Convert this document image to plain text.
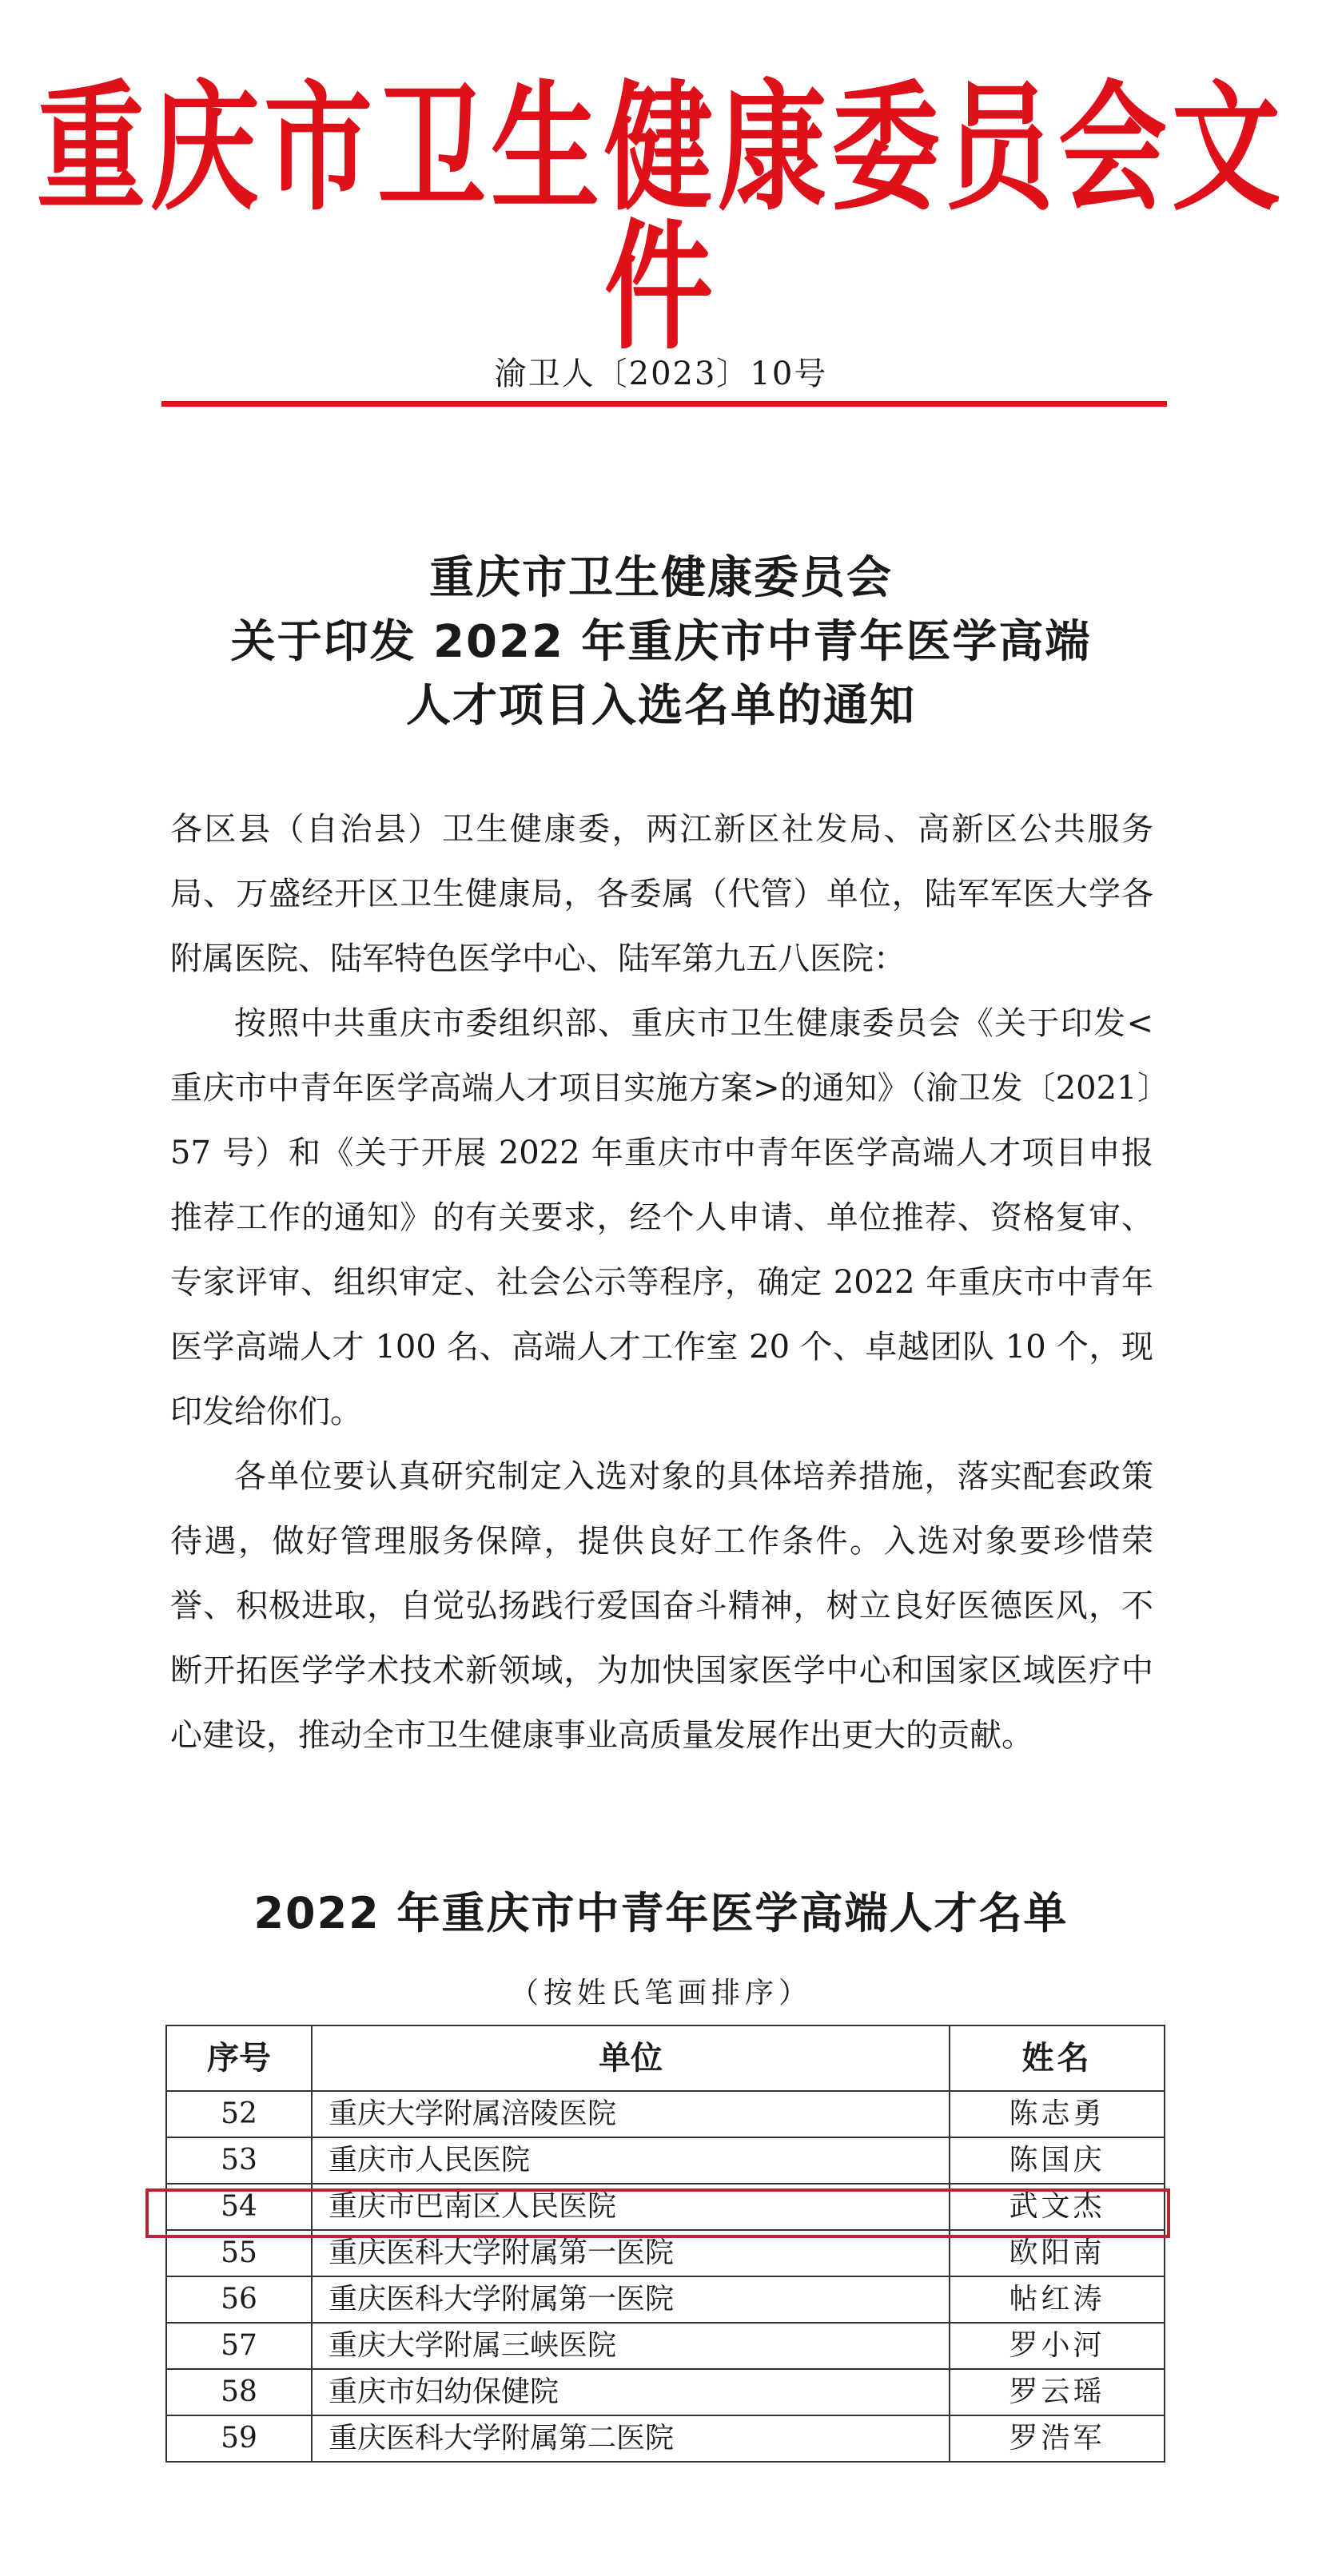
重庆市卫生健康委员会文件
渝卫人〔2023〕10号
重庆市卫生健康委员会
关于印发 2022 年重庆市中青年医学高端
人才项目入选名单的通知

各区县（自治县）卫生健康委，两江新区社发局、高新区公共服务局、万盛经开区卫生健康局，各委属（代管）单位，陆军军医大学各附属医院、陆军特色医学中心、陆军第九五八医院：

按照中共重庆市委组织部、重庆市卫生健康委员会《关于印发<重庆市中青年医学高端人才项目实施方案>的通知》（渝卫发〔2021〕57 号）和《关于开展 2022 年重庆市中青年医学高端人才项目申报推荐工作的通知》的有关要求，经个人申请、单位推荐、资格复审、专家评审、组织审定、社会公示等程序，确定 2022 年重庆市中青年医学高端人才 100 名、高端人才工作室 20 个、卓越团队 10 个，现印发给你们。

各单位要认真研究制定入选对象的具体培养措施，落实配套政策待遇，做好管理服务保障，提供良好工作条件。入选对象要珍惜荣誉、积极进取，自觉弘扬践行爱国奋斗精神，树立良好医德医风，不断开拓医学学术技术新领域，为加快国家医学中心和国家区域医疗中心建设，推动全市卫生健康事业高质量发展作出更大的贡献。

2022 年重庆市中青年医学高端人才名单
（按姓氏笔画排序）
序号	单位	姓名
52	重庆大学附属涪陵医院	陈志勇
53	重庆市人民医院	陈国庆
54	重庆市巴南区人民医院	武文杰
55	重庆医科大学附属第一医院	欧阳南
56	重庆医科大学附属第一医院	帖红涛
57	重庆大学附属三峡医院	罗小河
58	重庆市妇幼保健院	罗云瑶
59	重庆医科大学附属第二医院	罗浩军
